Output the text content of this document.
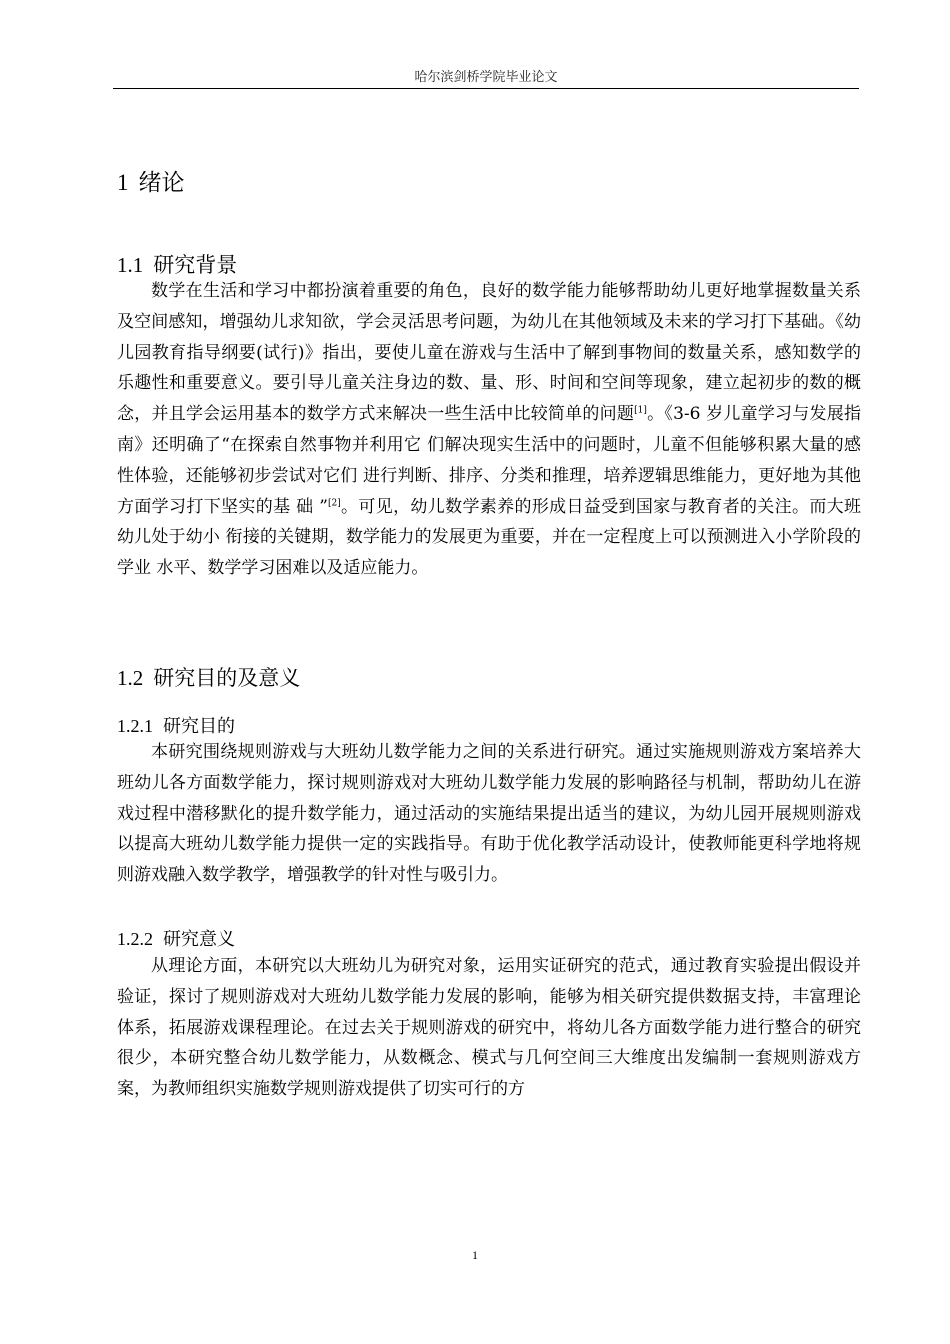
哈尔滨剑桥学院毕业论文
1 绪论
1.1 研究背景

数学在生活和学习中都扮演着重要的角色，良好的数学能力能够帮助幼儿更好地掌握数量关系及空间感知，增强幼儿求知欲，学会灵活思考问题，为幼儿在其他领域及未来的学习打下基础。《幼儿园教育指导纲要(试行)》指出，要使儿童在游戏与生活中了解到事物间的数量关系，感知数学的乐趣性和重要意义。要引导儿童关注身边的数、量、形、时间和空间等现象，建立起初步的数的概念，并且学会运用基本的数学方式来解决一些生活中比较简单的问题[1]。《3-6 岁儿童学习与发展指南》还明确了“在探索自然事物并利用它 们解决现实生活中的问题时，儿童不但能够积累大量的感性体验，还能够初步尝试对它们 进行判断、排序、分类和推理，培养逻辑思维能力，更好地为其他方面学习打下坚实的基 础 ”[2]。可见，幼儿数学素养的形成日益受到国家与教育者的关注。而大班幼儿处于幼小 衔接的关键期，数学能力的发展更为重要，并在一定程度上可以预测进入小学阶段的学业 水平、数学学习困难以及适应能力。

1.2 研究目的及意义
1.2.1 研究目的

本研究围绕规则游戏与大班幼儿数学能力之间的关系进行研究。通过实施规则游戏方案培养大班幼儿各方面数学能力，探讨规则游戏对大班幼儿数学能力发展的影响路径与机制，帮助幼儿在游戏过程中潜移默化的提升数学能力，通过活动的实施结果提出适当的建议，为幼儿园开展规则游戏以提高大班幼儿数学能力提供一定的实践指导。有助于优化教学活动设计，使教师能更科学地将规则游戏融入数学教学，增强教学的针对性与吸引力。

1.2.2 研究意义

从理论方面，本研究以大班幼儿为研究对象，运用实证研究的范式，通过教育实验提出假设并验证，探讨了规则游戏对大班幼儿数学能力发展的影响，能够为相关研究提供数据支持，丰富理论体系，拓展游戏课程理论。在过去关于规则游戏的研究中，将幼儿各方面数学能力进行整合的研究很少，本研究整合幼儿数学能力，从数概念、模式与几何空间三大维度出发编制一套规则游戏方案，为教师组织实施数学规则游戏提供了切实可行的方

1
